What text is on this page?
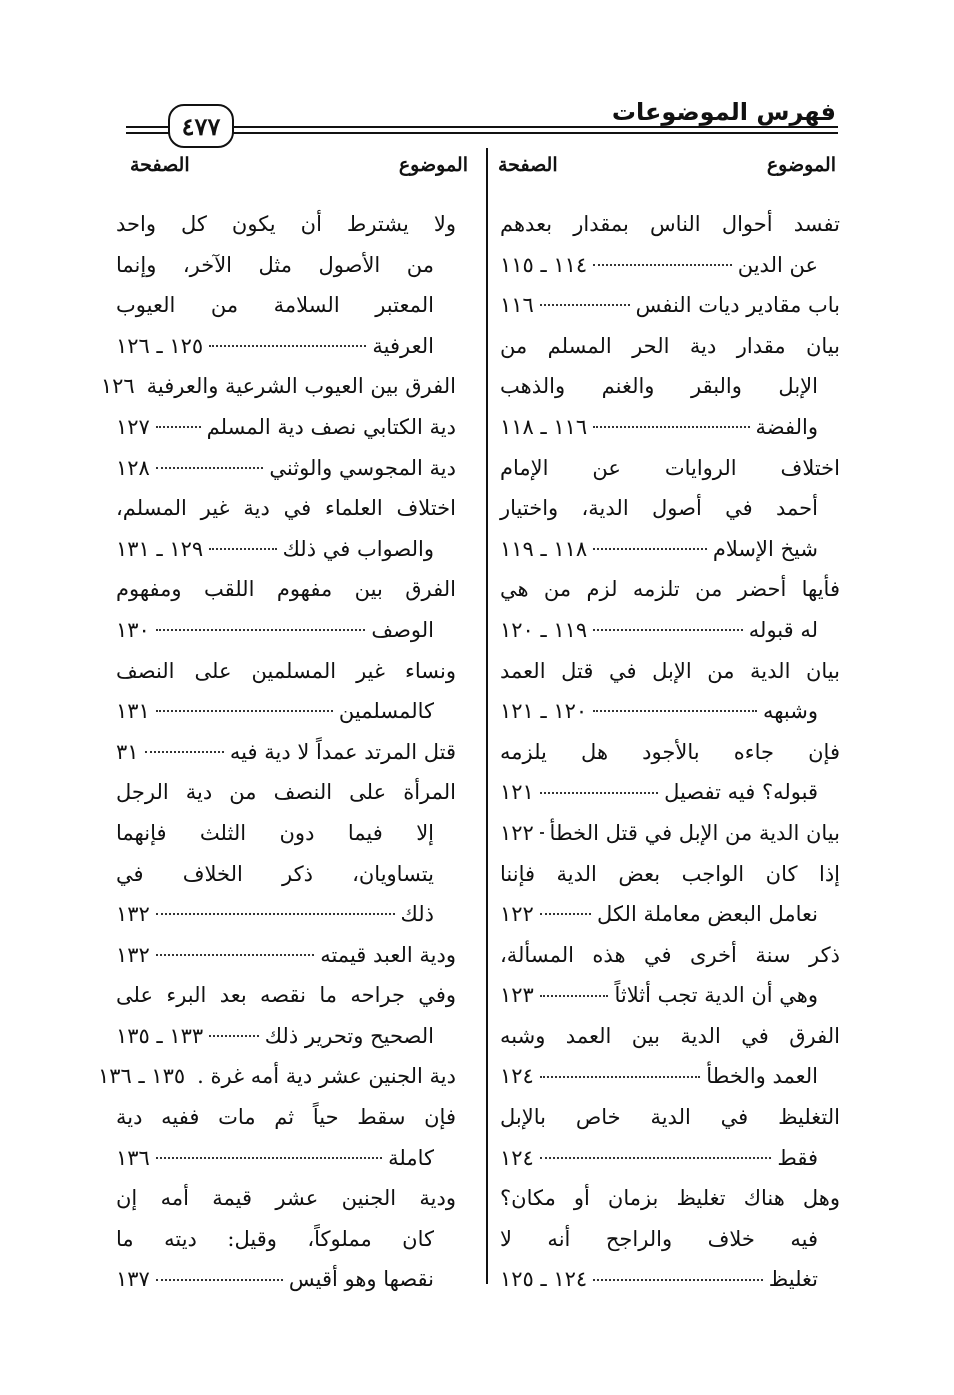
فهرس الموضوعات
٤٧٧
الموضوع
الصفحة
الموضوع
الصفحة
تفسد أحوال الناس بمقدار بعدهم
عن الدين
١١٤ ـ ١١٥
باب مقادير ديات النفس
١١٦
بيان مقدار دية الحر المسلم من
الإبل والبقر والغنم والذهب
والفضة
١١٦ ـ ١١٨
اختلاف الروايات عن الإمام
أحمد في أصول الدية، واختيار
شيخ الإسلام
١١٨ ـ ١١٩
فأيها أحضر من تلزمه لزم من هي
له قبوله
١١٩ ـ ١٢٠
بيان الدية من الإبل في قتل العمد
وشبهه
١٢٠ ـ ١٢١
فإن جاءه بالأجود هل يلزمه
قبوله؟ فيه تفصيل
١٢١
بيان الدية من الإبل في قتل الخطأ
١٢٢
إذا كان الواجب بعض الدية فإننا
نعامل البعض معاملة الكل
١٢٢
ذكر سنة أخرى في هذه المسألة،
وهي أن الدية تجب أثلاثاً
١٢٣
الفرق في الدية بين العمد وشبه
العمد والخطأ
١٢٤
التغليظ في الدية خاص بالإبل
فقط
١٢٤
وهل هناك تغليظ بزمان أو مكان؟
فيه خلاف والراجح أنه لا
تغليظ
١٢٤ ـ ١٢٥
ولا يشترط أن يكون كل واحد
من الأصول مثل الآخر، وإنما
المعتبر السلامة من العيوب
العرفية
١٢٥ ـ ١٢٦
الفرق بين العيوب الشرعية والعرفية
١٢٦
دية الكتابي نصف دية المسلم
١٢٧
دية المجوسي والوثني
١٢٨
اختلاف العلماء في دية غير المسلم،
والصواب في ذلك
١٢٩ ـ ١٣١
الفرق بين مفهوم اللقب ومفهوم
الوصف
١٣٠
ونساء غير المسلمين على النصف
كالمسلمين
١٣١
قتل المرتد عمداً لا دية فيه
٣١
المرأة على النصف من دية الرجل
إلا فيما دون الثلث فإنهما
يتساويان، ذكر الخلاف في
ذلك
١٣٢
ودية العبد قيمته
١٣٢
وفي جراحه ما نقصه بعد البرء على
الصحيح وتحرير ذلك
١٣٣ ـ ١٣٥
دية الجنين عشر دية أمه غرة .
١٣٥ ـ ١٣٦
فإن سقط حياً ثم مات ففيه دية
كاملة
١٣٦
ودية الجنين عشر قيمة أمه إن
كان مملوكاً، وقيل: ديته ما
نقصها وهو أقيس
١٣٧
